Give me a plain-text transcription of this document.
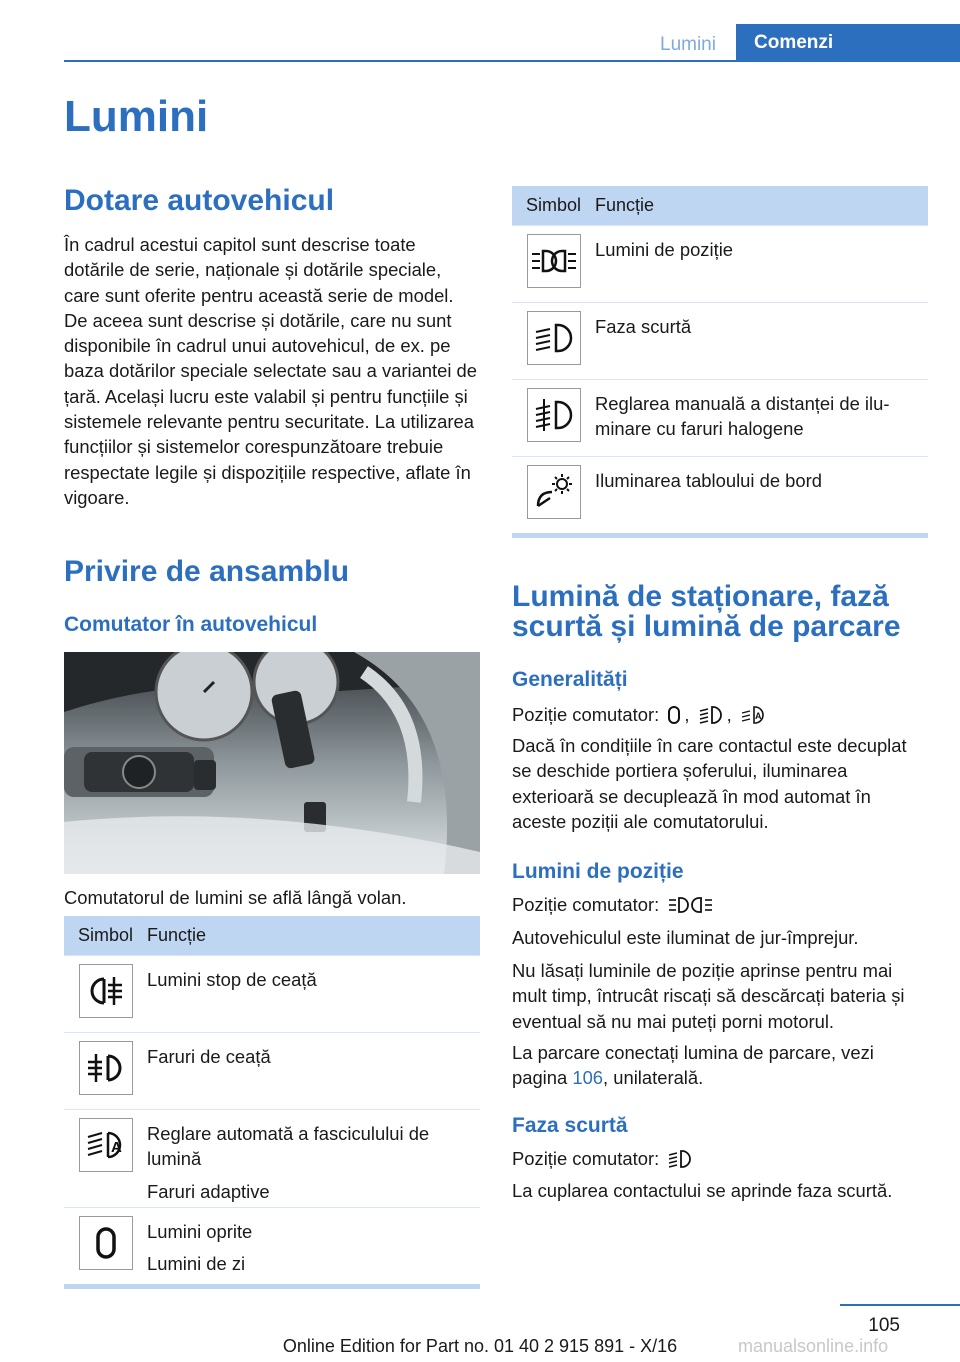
Lumini	Comenzi
Lumini
Dotare autovehicul
În cadrul acestui capitol sunt descrise toate dotările de serie, naționale și dotările speciale, care sunt oferite pentru această serie de model. De aceea sunt descrise și dotările, care nu sunt disponibile în cadrul unui autovehicul, de ex. pe baza dotărilor speciale selectate sau a variantei de țară. Același lucru este valabil și pentru funcțiile și sistemele relevante pentru securitate. La utilizarea funcțiilor și sistemelor corespunzătoare trebuie respectate legile și dispozițiile respective, aflate în vigoare.
Privire de ansamblu
Comutator în autovehicul
Comutatorul de lumini se află lângă volan.
Simbol Funcție

Lumini stop de ceață

Faruri de ceață

A

Reglare automată a fasciculului de lumină

Faruri adaptive

Lumini oprite

Lumini de zi

Simbol Funcție

Lumini de poziție

Faza scurtă

Reglarea manuală a distanței de iluminare cu faruri halogene

Iluminarea tabloului de bord

Lumină de staționare, fază scurtă și lumină de parcare
Generalități
Poziție comutator: , , A
Dacă în condițiile în care contactul este decuplat se deschide portiera șoferului, iluminarea exterioară se decuplează în mod automat în aceste poziții ale comutatorului.
Lumini de poziție
Poziție comutator:
Autovehiculul este iluminat de jur-împrejur.
Nu lăsați luminile de poziție aprinse pentru mai mult timp, întrucât riscați să descărcați bateria și eventual să nu mai puteți porni motorul.
La parcare conectați lumina de parcare, vezi pagina 106, unilaterală.
Faza scurtă
Poziție comutator:
La cuplarea contactului se aprinde faza scurtă.
105
Online Edition for Part no. 01 40 2 915 891 - X/16	manualsonline.info
